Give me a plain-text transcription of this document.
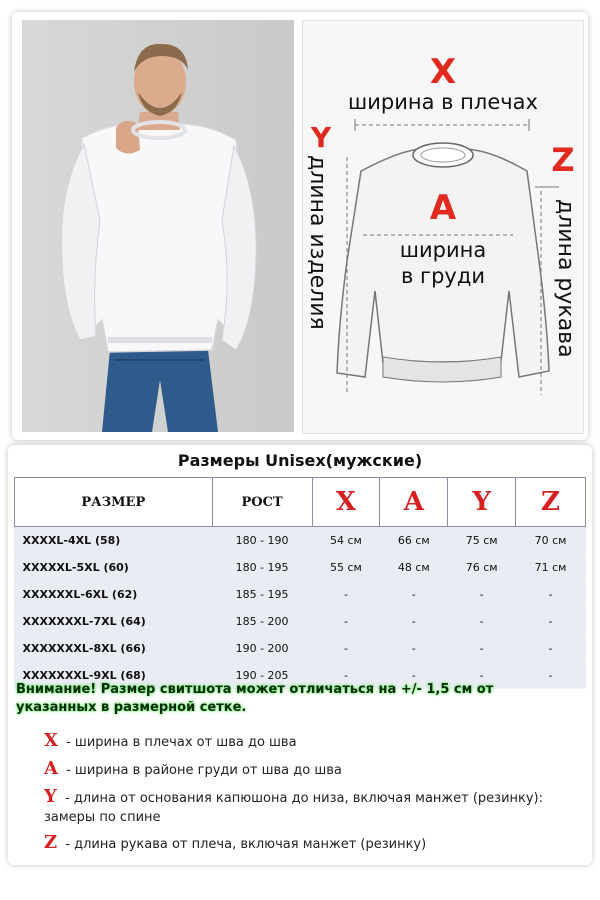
X
ширина в плечах
Y
длина изделия	Z
длина рукава
A
ширина
в груди
Размеры Unisex(мужские)
РАЗМЕР	РОСТ	X	A	Y	Z
XXXXL-4XL (58)	180 - 190	54 см	66 см	75 см	70 см
XXXXXL-5XL (60)	180 - 195	55 см	48 см	76 см	71 см
XXXXXXL-6XL (62)	185 - 195	-	-	-	-
XXXXXXXL-7XL (64)	185 - 200	-	-	-	-
XXXXXXXL-8XL (66)	190 - 200	-	-	-	-
XXXXXXXL-9XL (68)	190 - 205	-	-	-	-
Внимание! Размер свитшота может отличаться на +/- 1,5 см от указанных в размерной сетке.
X - ширина в плечах от шва до шва
A - ширина в районе груди от шва до шва
Y - длина от основания капюшона до низа, включая манжет (резинку): замеры по спине
Z - длина рукава от плеча, включая манжет (резинку)
